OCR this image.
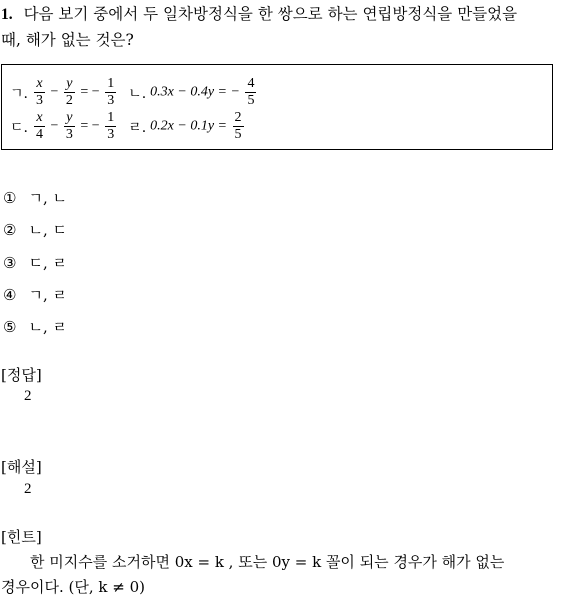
1. 다음 보기 중에서 두 일차방정식을 한 쌍으로 하는 연립방정식을 만들었을
때, 해가 없는 것은?
ㄱ. $\frac{x}{3} - \frac{y}{2}$ = − $\frac{1}{3}$ ㄴ. 0.3x − 0.4y = − $\frac{4}{5}$
ㄷ. $\frac{x}{4} - \frac{y}{3}$ = − $\frac{1}{3}$ ㄹ. $0.2x - 0.1y = \frac{2}{5}$
① ㄱ, ㄴ
② ㄴ, ㄷ
③ ㄷ, ㄹ
④ ㄱ, ㄹ
⑤ ㄴ, ㄹ
[정답]
2
[해설]
2
[힌트]
한 미지수를 소거하면 0x = k , 또는 0y = k 꼴이 되는 경우가 해가 없는
경우이다. (단, k ≠ 0)
